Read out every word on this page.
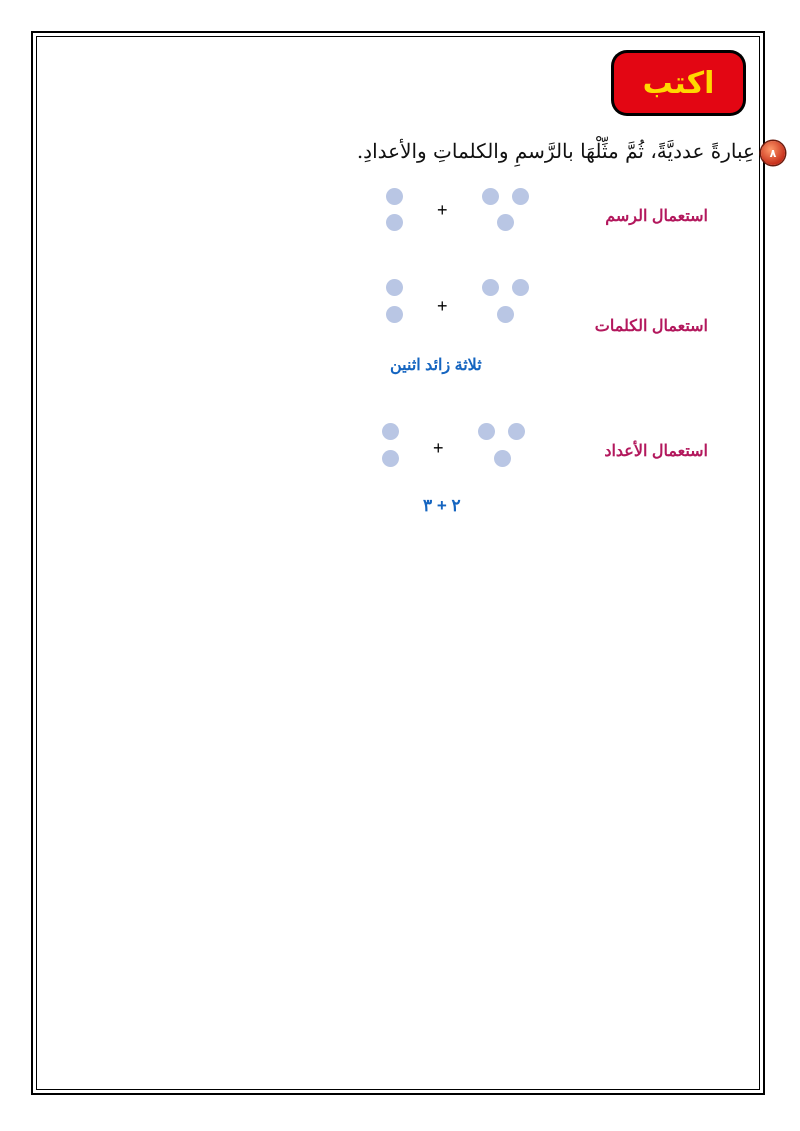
اكتب
٨
عِبارةً عدديَّةً، ثُمَّ مثِّلْهَا بالرَّسمِ والكلماتِ والأعدادِ.
استعمال الرسم
+
استعمال الكلمات
+
ثلاثة زائد اثنين
استعمال الأعداد
+
٢ + ٣
